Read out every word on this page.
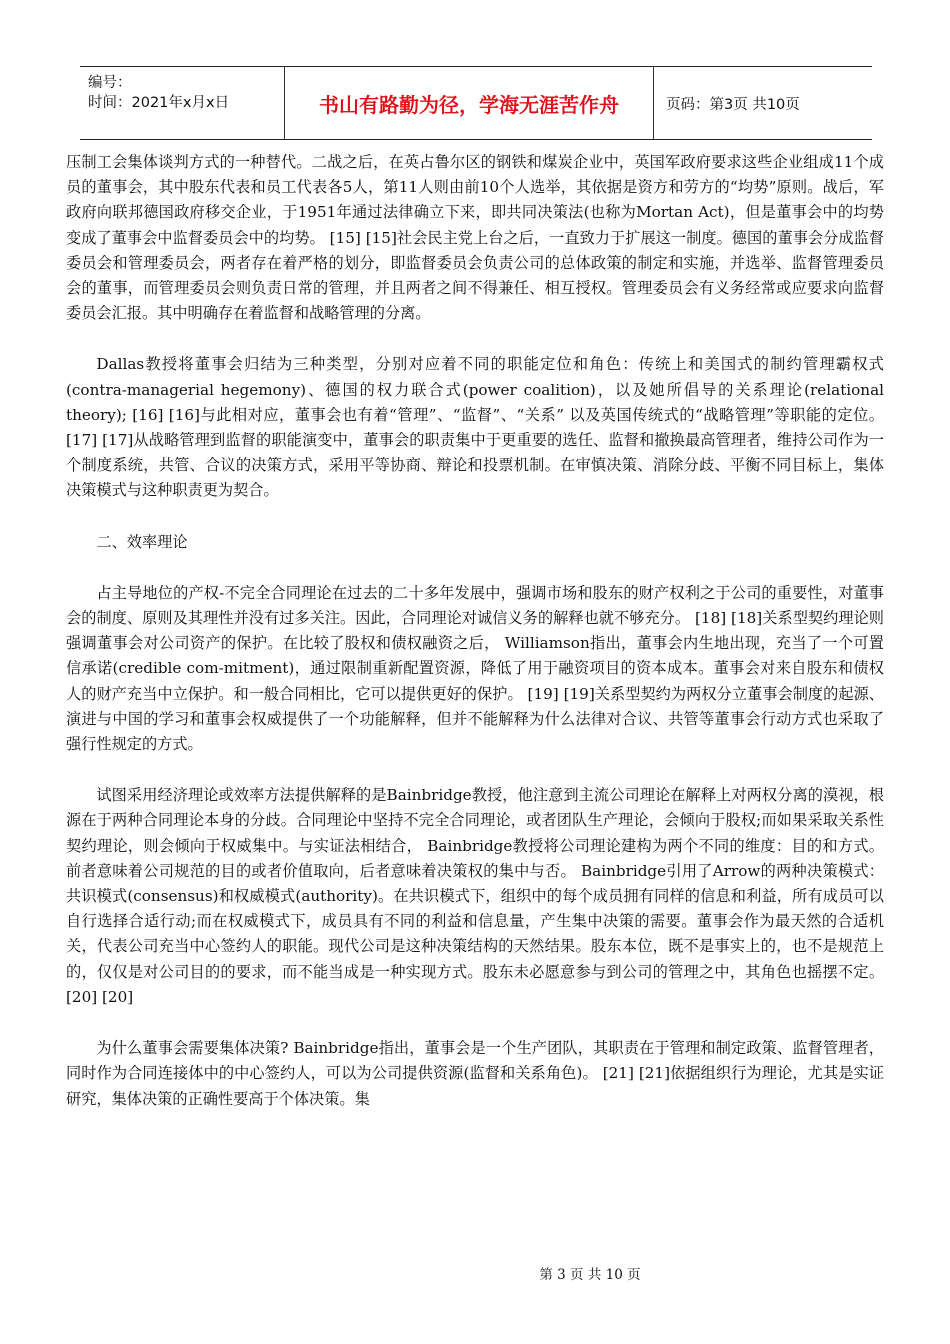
编号：
时间：2021年x月x日	书山有路勤为径，学海无涯苦作舟	页码：第3页 共10页

压制工会集体谈判方式的一种替代。二战之后，在英占鲁尔区的钢铁和煤炭企业中，英国军政府要求这些企业组成11个成员的董事会，其中股东代表和员工代表各5人，第11人则由前10个人选举，其依据是资方和劳方的“均势”原则。战后，军政府向联邦德国政府移交企业，于1951年通过法律确立下来，即共同决策法(也称为Mortan Act)，但是董事会中的均势变成了董事会中监督委员会中的均势。 [15] [15]社会民主党上台之后，一直致力于扩展这一制度。德国的董事会分成监督委员会和管理委员会，两者存在着严格的划分，即监督委员会负责公司的总体政策的制定和实施，并选举、监督管理委员会的董事，而管理委员会则负责日常的管理，并且两者之间不得兼任、相互授权。管理委员会有义务经常或应要求向监督委员会汇报。其中明确存在着监督和战略管理的分离。

Dallas教授将董事会归结为三种类型，分别对应着不同的职能定位和角色：传统上和美国式的制约管理霸权式(contra-managerial hegemony)、德国的权力联合式(power coalition)，以及她所倡导的关系理论(relational theory); [16] [16]与此相对应，董事会也有着“管理”、“监督”、“关系” 以及英国传统式的“战略管理”等职能的定位。 [17] [17]从战略管理到监督的职能演变中，董事会的职责集中于更重要的选任、监督和撤换最高管理者，维持公司作为一个制度系统，共管、合议的决策方式，采用平等协商、辩论和投票机制。在审慎决策、消除分歧、平衡不同目标上，集体决策模式与这种职责更为契合。

二、效率理论

占主导地位的产权-不完全合同理论在过去的二十多年发展中，强调市场和股东的财产权利之于公司的重要性，对董事会的制度、原则及其理性并没有过多关注。因此，合同理论对诚信义务的解释也就不够充分。 [18] [18]关系型契约理论则强调董事会对公司资产的保护。在比较了股权和债权融资之后， Williamson指出，董事会内生地出现，充当了一个可置信承诺(credible com-mitment)，通过限制重新配置资源，降低了用于融资项目的资本成本。董事会对来自股东和债权人的财产充当中立保护。和一般合同相比，它可以提供更好的保护。 [19] [19]关系型契约为两权分立董事会制度的起源、演进与中国的学习和董事会权威提供了一个功能解释，但并不能解释为什么法律对合议、共管等董事会行动方式也采取了强行性规定的方式。

试图采用经济理论或效率方法提供解释的是Bainbridge教授，他注意到主流公司理论在解释上对两权分离的漠视，根源在于两种合同理论本身的分歧。合同理论中坚持不完全合同理论，或者团队生产理论，会倾向于股权;而如果采取关系性契约理论，则会倾向于权威集中。与实证法相结合， Bainbridge教授将公司理论建构为两个不同的维度：目的和方式。前者意味着公司规范的目的或者价值取向，后者意味着决策权的集中与否。 Bainbridge引用了Arrow的两种决策模式：共识模式(consensus)和权威模式(authority)。在共识模式下，组织中的每个成员拥有同样的信息和利益，所有成员可以自行选择合适行动;而在权威模式下，成员具有不同的利益和信息量，产生集中决策的需要。董事会作为最天然的合适机关，代表公司充当中心签约人的职能。现代公司是这种决策结构的天然结果。股东本位，既不是事实上的，也不是规范上的，仅仅是对公司目的的要求，而不能当成是一种实现方式。股东未必愿意参与到公司的管理之中，其角色也摇摆不定。 [20] [20]

为什么董事会需要集体决策? Bainbridge指出，董事会是一个生产团队，其职责在于管理和制定政策、监督管理者，同时作为合同连接体中的中心签约人，可以为公司提供资源(监督和关系角色)。 [21] [21]依据组织行为理论，尤其是实证研究，集体决策的正确性要高于个体决策。集

第 3 页 共 10 页
